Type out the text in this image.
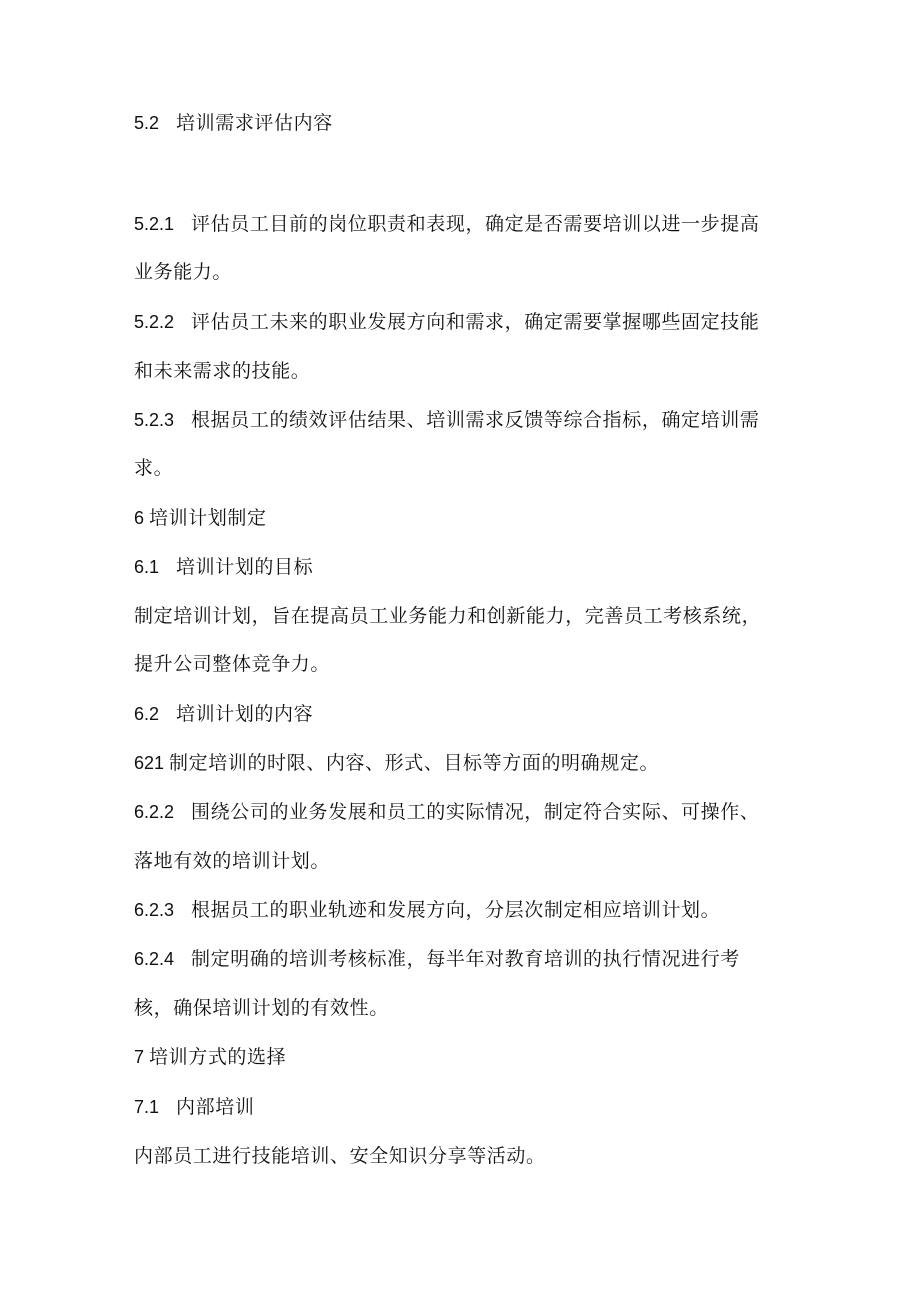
5.2 培训需求评估内容
5.2.1 评估员工目前的岗位职责和表现，确定是否需要培训以进一步提高
业务能力。
5.2.2 评估员工未来的职业发展方向和需求，确定需要掌握哪些固定技能
和未来需求的技能。
5.2.3 根据员工的绩效评估结果、培训需求反馈等综合指标，确定培训需
求。
6 培训计划制定
6.1 培训计划的目标
制定培训计划，旨在提高员工业务能力和创新能力，完善员工考核系统，
提升公司整体竞争力。
6.2 培训计划的内容
621 制定培训的时限、内容、形式、目标等方面的明确规定。
6.2.2 围绕公司的业务发展和员工的实际情况，制定符合实际、可操作、
落地有效的培训计划。
6.2.3 根据员工的职业轨迹和发展方向，分层次制定相应培训计划。
6.2.4 制定明确的培训考核标准，每半年对教育培训的执行情况进行考
核，确保培训计划的有效性。
7 培训方式的选择
7.1 内部培训
内部员工进行技能培训、安全知识分享等活动。
